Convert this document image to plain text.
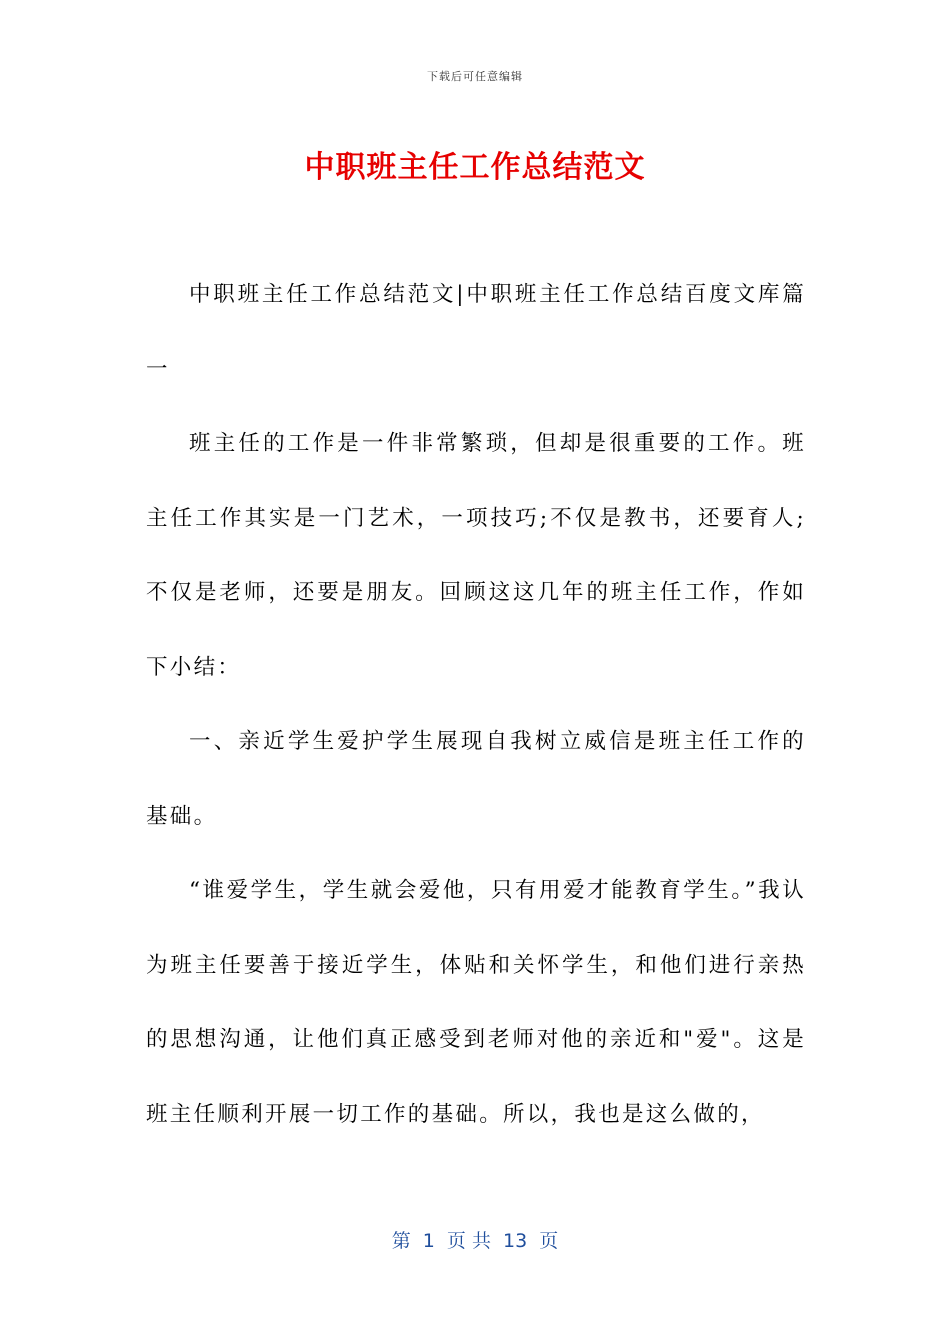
下载后可任意编辑
中职班主任工作总结范文

中职班主任工作总结范文|中职班主任工作总结百度文库篇一

班主任的工作是一件非常繁琐，但却是很重要的工作。班主任工作其实是一门艺术，一项技巧;不仅是教书，还要育人;不仅是老师，还要是朋友。回顾这这几年的班主任工作，作如下小结：

一、亲近学生爱护学生展现自我树立威信是班主任工作的基础。

“谁爱学生，学生就会爱他，只有用爱才能教育学生。”我认为班主任要善于接近学生，体贴和关怀学生，和他们进行亲热的思想沟通，让他们真正感受到老师对他的亲近和"爱"。这是班主任顺利开展一切工作的基础。所以，我也是这么做的，

第  1  页 共  13  页
